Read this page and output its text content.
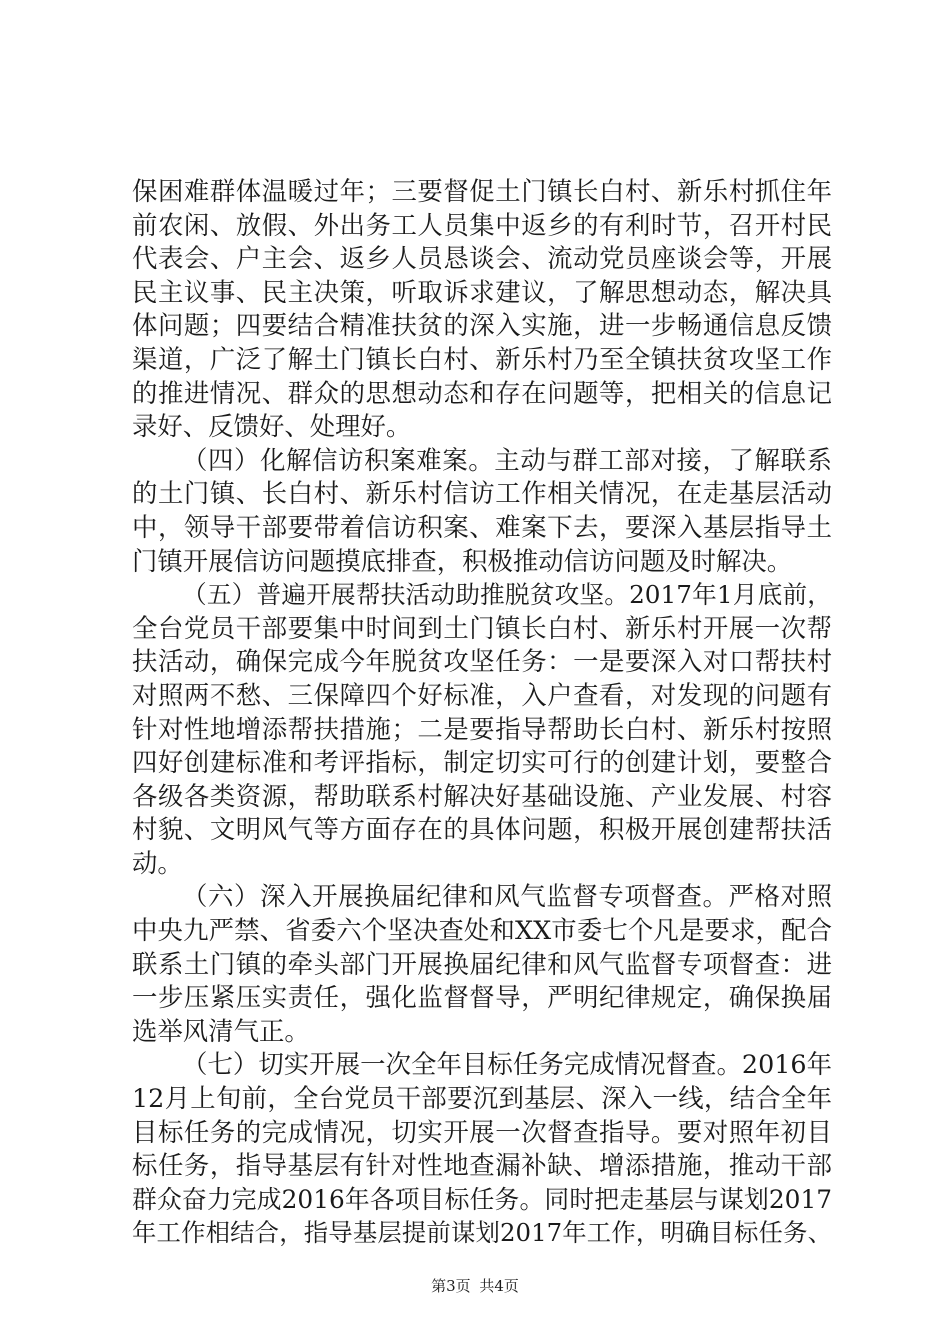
保困难群体温暖过年；三要督促土门镇长白村、新乐村抓住年
前农闲、放假、外出务工人员集中返乡的有利时节，召开村民
代表会、户主会、返乡人员恳谈会、流动党员座谈会等，开展
民主议事、民主决策，听取诉求建议，了解思想动态，解决具
体问题；四要结合精准扶贫的深入实施，进一步畅通信息反馈
渠道，广泛了解土门镇长白村、新乐村乃至全镇扶贫攻坚工作
的推进情况、群众的思想动态和存在问题等，把相关的信息记
录好、反馈好、处理好。
（四）化解信访积案难案。主动与群工部对接，了解联系
的土门镇、长白村、新乐村信访工作相关情况，在走基层活动
中，领导干部要带着信访积案、难案下去，要深入基层指导土
门镇开展信访问题摸底排查，积极推动信访问题及时解决。
（五）普遍开展帮扶活动助推脱贫攻坚。2017年1月底前，
全台党员干部要集中时间到土门镇长白村、新乐村开展一次帮
扶活动，确保完成今年脱贫攻坚任务：一是要深入对口帮扶村
对照两不愁、三保障四个好标准，入户查看，对发现的问题有
针对性地增添帮扶措施；二是要指导帮助长白村、新乐村按照
四好创建标准和考评指标，制定切实可行的创建计划，要整合
各级各类资源，帮助联系村解决好基础设施、产业发展、村容
村貌、文明风气等方面存在的具体问题，积极开展创建帮扶活
动。
（六）深入开展换届纪律和风气监督专项督查。严格对照
中央九严禁、省委六个坚决查处和XX市委七个凡是要求，配合
联系土门镇的牵头部门开展换届纪律和风气监督专项督查：进
一步压紧压实责任，强化监督督导，严明纪律规定，确保换届
选举风清气正。
（七）切实开展一次全年目标任务完成情况督查。2016年
12月上旬前，全台党员干部要沉到基层、深入一线，结合全年
目标任务的完成情况，切实开展一次督查指导。要对照年初目
标任务，指导基层有针对性地查漏补缺、增添措施，推动干部
群众奋力完成2016年各项目标任务。同时把走基层与谋划2017
年工作相结合，指导基层提前谋划2017年工作，明确目标任务、
第3页 共4页
